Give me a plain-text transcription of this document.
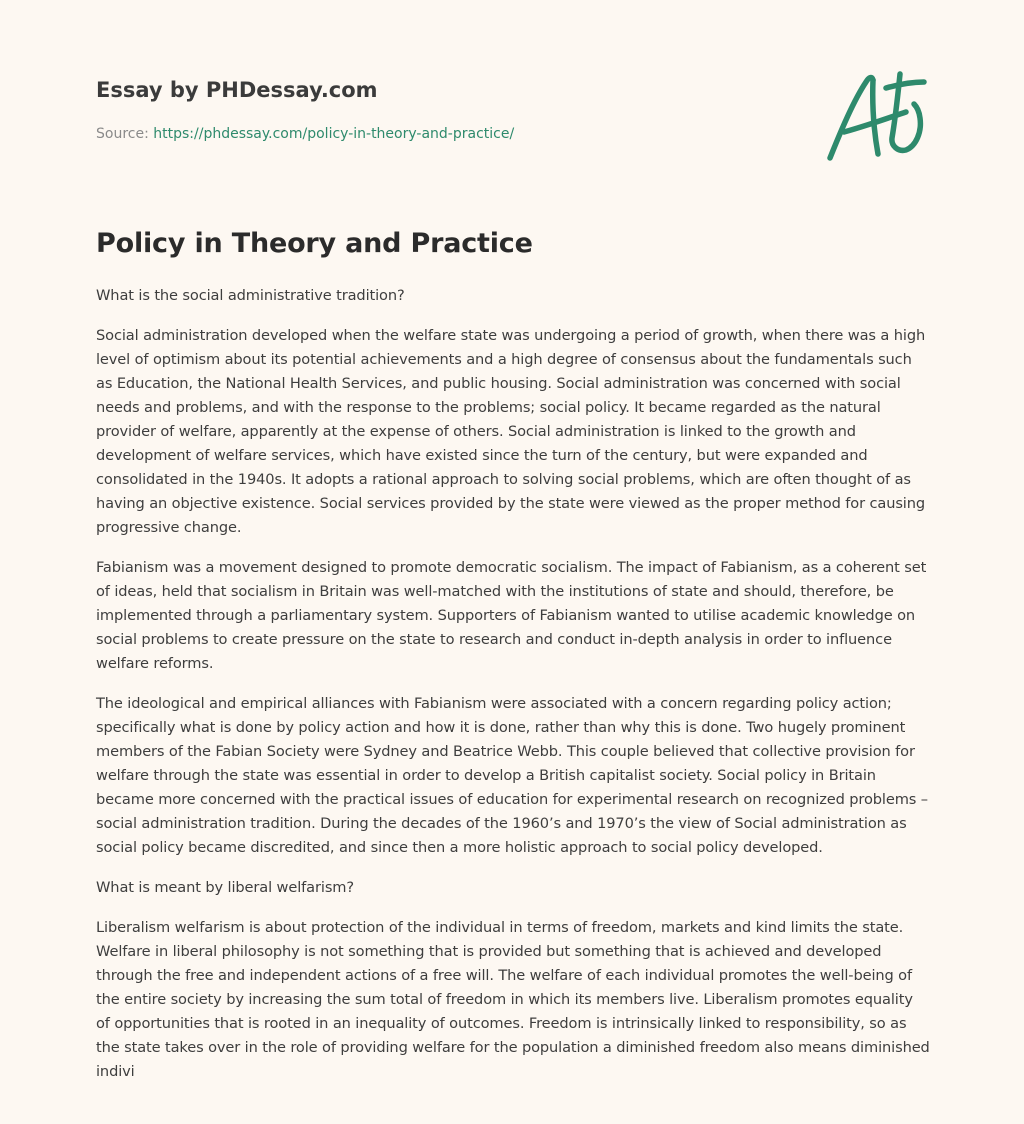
Essay by PHDessay.com
Source: https://phdessay.com/policy-in-theory-and-practice/
Policy in Theory and Practice

What is the social administrative tradition?

Social administration developed when the welfare state was undergoing a period of growth, when there was a high level of optimism about its potential achievements and a high degree of consensus about the fundamentals such as Education, the National Health Services, and public housing. Social administration was concerned with social needs and problems, and with the response to the problems; social policy. It became regarded as the natural provider of welfare, apparently at the expense of others. Social administration is linked to the growth and development of welfare services, which have existed since the turn of the century, but were expanded and consolidated in the 1940s. It adopts a rational approach to solving social problems, which are often thought of as having an objective existence. Social services provided by the state were viewed as the proper method for causing progressive change.

Fabianism was a movement designed to promote democratic socialism. The impact of Fabianism, as a coherent set of ideas, held that socialism in Britain was well-matched with the institutions of state and should, therefore, be implemented through a parliamentary system. Supporters of Fabianism wanted to utilise academic knowledge on social problems to create pressure on the state to research and conduct in-depth analysis in order to influence welfare reforms.

The ideological and empirical alliances with Fabianism were associated with a concern regarding policy action; specifically what is done by policy action and how it is done, rather than why this is done. Two hugely prominent members of the Fabian Society were Sydney and Beatrice Webb. This couple believed that collective provision for welfare through the state was essential in order to develop a British capitalist society. Social policy in Britain became more concerned with the practical issues of education for experimental research on recognized problems – social administration tradition. During the decades of the 1960’s and 1970’s the view of Social administration as social policy became discredited, and since then a more holistic approach to social policy developed.

What is meant by liberal welfarism?

Liberalism welfarism is about protection of the individual in terms of freedom, markets and kind limits the state. Welfare in liberal philosophy is not something that is provided but something that is achieved and developed through the free and independent actions of a free will. The welfare of each individual promotes the well-being of the entire society by increasing the sum total of freedom in which its members live. Liberalism promotes equality of opportunities that is rooted in an inequality of outcomes. Freedom is intrinsically linked to responsibility, so as the state takes over in the role of providing welfare for the population a diminished freedom also means diminished indivi
